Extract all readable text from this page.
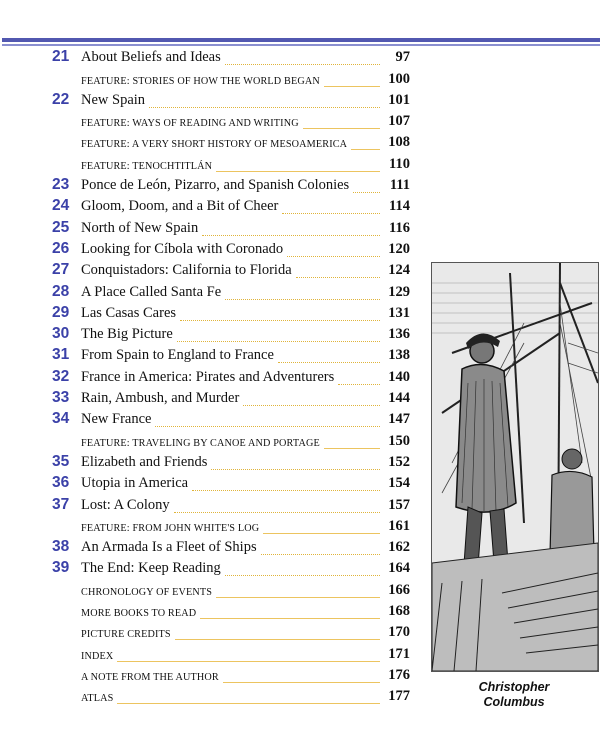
21 About Beliefs and Ideas	97
FEATURE: STORIES OF HOW THE WORLD BEGAN	100
22 New Spain	101
FEATURE: WAYS OF READING AND WRITING	107
FEATURE: A VERY SHORT HISTORY OF MESOAMERICA	108
FEATURE: TENOCHTITLÁN	110
23 Ponce de León, Pizarro, and Spanish Colonies	111
24 Gloom, Doom, and a Bit of Cheer	114
25 North of New Spain	116
26 Looking for Cíbola with Coronado	120
27 Conquistadors: California to Florida	124
28 A Place Called Santa Fe	129
29 Las Casas Cares	131
30 The Big Picture	136
31 From Spain to England to France	138
32 France in America: Pirates and Adventurers	140
33 Rain, Ambush, and Murder	144
34 New France	147
FEATURE: TRAVELING BY CANOE AND PORTAGE	150
35 Elizabeth and Friends	152
36 Utopia in America	154
37 Lost: A Colony	157
FEATURE: FROM JOHN WHITE'S LOG	161
38 An Armada Is a Fleet of Ships	162
39 The End: Keep Reading	164
CHRONOLOGY OF EVENTS	166
MORE BOOKS TO READ	168
PICTURE CREDITS	170
INDEX	171
A NOTE FROM THE AUTHOR	176
ATLAS	177
Christopher
Columbus
